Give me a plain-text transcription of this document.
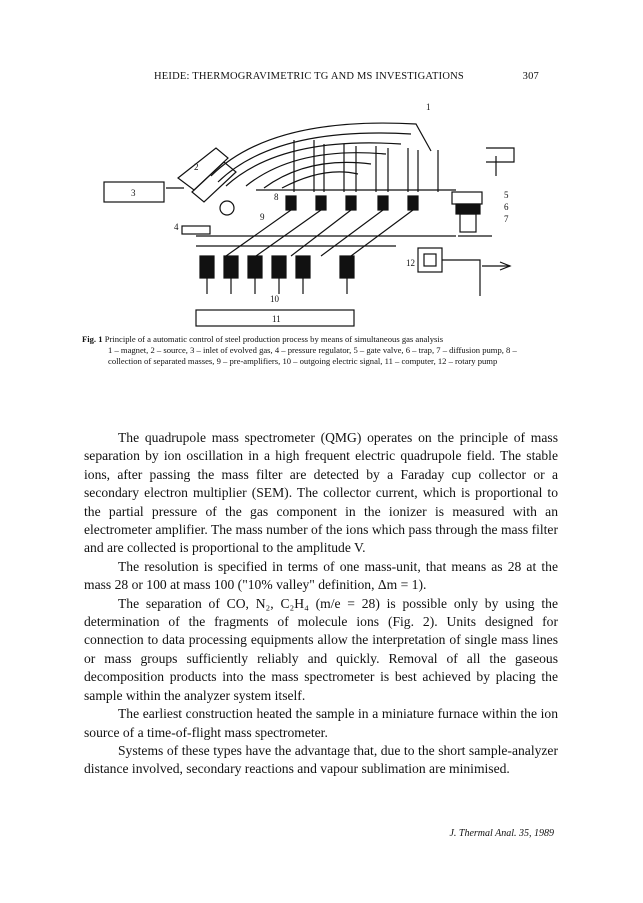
HEIDE: THERMOGRAVIMETRIC TG AND MS INVESTIGATIONS	307
1
2
3
4
5
6
7
8
9
10
11
12
Fig. 1 Principle of a automatic control of steel production process by means of simultaneous gas analysis
1 – magnet, 2 – source, 3 – inlet of evolved gas, 4 – pressure regulator, 5 – gate valve, 6 – trap, 7 – diffusion pump, 8 – collection of separated masses, 9 – pre-amplifiers, 10 – outgoing electric signal, 11 – computer, 12 – rotary pump

The quadrupole mass spectrometer (QMG) operates on the principle of mass separation by ion oscillation in a high frequent electric quadrupole field. The stable ions, after passing the mass filter are detected by a Faraday cup collector or a secondary electron multiplier (SEM). The collector current, which is proportional to the partial pressure of the gas component in the ionizer is measured with an electrometer amplifier. The mass number of the ions which pass through the mass filter and are collected is proportional to the amplitude V.

The resolution is specified in terms of one mass-unit, that means as 28 at the mass 28 or 100 at mass 100 ("10% valley" definition, Δm = 1).

The separation of CO, N₂, C₂H₄ (m/e = 28) is possible only by using the determination of the fragments of molecule ions (Fig. 2). Units designed for connection to data processing equipments allow the interpretation of single mass lines or mass groups sufficiently reliably and quickly. Removal of all the gaseous decomposition products into the mass spectrometer is best achieved by placing the sample within the analyzer system itself.

The earliest construction heated the sample in a miniature furnace within the ion source of a time-of-flight mass spectrometer.

Systems of these types have the advantage that, due to the short sample-analyzer distance involved, secondary reactions and vapour sublimation are minimised.

J. Thermal Anal. 35, 1989
